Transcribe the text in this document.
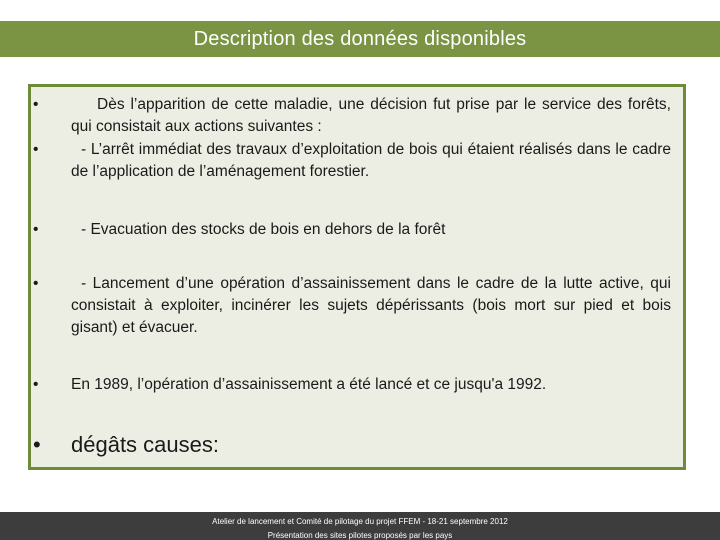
Description des données disponibles
•	Dès l’apparition de cette maladie, une décision fut prise par le service des forêts, qui consistait aux actions suivantes :
•	- L’arrêt immédiat des travaux d’exploitation de bois qui étaient réalisés dans le cadre de l’application de l’aménagement forestier.
•	- Evacuation des stocks de bois en dehors de la forêt
•	- Lancement d’une opération d’assainissement dans le cadre de la lutte active, qui consistait à exploiter, incinérer les sujets dépérissants (bois mort sur pied et bois gisant) et évacuer.
•	En 1989, l’opération d’assainissement a été lancé et ce jusqu'a 1992.
•	dégâts causes:
Atelier de lancement et Comité de pilotage du projet FFEM - 18-21 septembre 2012
Présentation des sites pilotes proposés par les pays
